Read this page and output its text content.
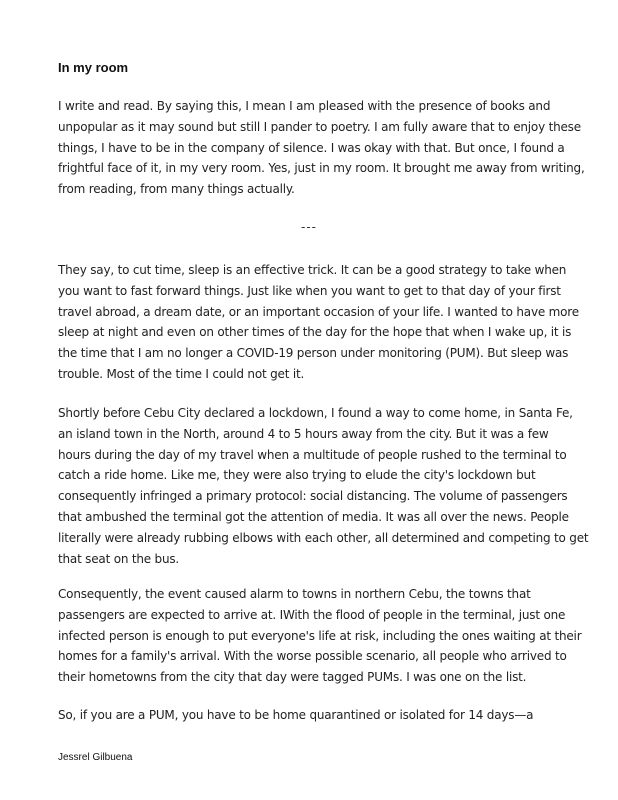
In my room
I write and read. By saying this, I mean I am pleased with the presence of books and
unpopular as it may sound but still I pander to poetry. I am fully aware that to enjoy these
things, I have to be in the company of silence. I was okay with that. But once, I found a
frightful face of it, in my very room. Yes, just in my room. It brought me away from writing,
from reading, from many things actually.
---
They say, to cut time, sleep is an effective trick. It can be a good strategy to take when
you want to fast forward things. Just like when you want to get to that day of your first
travel abroad, a dream date, or an important occasion of your life. I wanted to have more
sleep at night and even on other times of the day for the hope that when I wake up, it is
the time that I am no longer a COVID-19 person under monitoring (PUM). But sleep was
trouble. Most of the time I could not get it.
Shortly before Cebu City declared a lockdown, I found a way to come home, in Santa Fe,
an island town in the North, around 4 to 5 hours away from the city. But it was a few
hours during the day of my travel when a multitude of people rushed to the terminal to
catch a ride home. Like me, they were also trying to elude the city's lockdown but
consequently infringed a primary protocol: social distancing. The volume of passengers
that ambushed the terminal got the attention of media. It was all over the news. People
literally were already rubbing elbows with each other, all determined and competing to get
that seat on the bus.
Consequently, the event caused alarm to towns in northern Cebu, the towns that
passengers are expected to arrive at. IWith the flood of people in the terminal, just one
infected person is enough to put everyone's life at risk, including the ones waiting at their
homes for a family's arrival. With the worse possible scenario, all people who arrived to
their hometowns from the city that day were tagged PUMs. I was one on the list.
So, if you are a PUM, you have to be home quarantined or isolated for 14 days—a
Jessrel Gilbuena
